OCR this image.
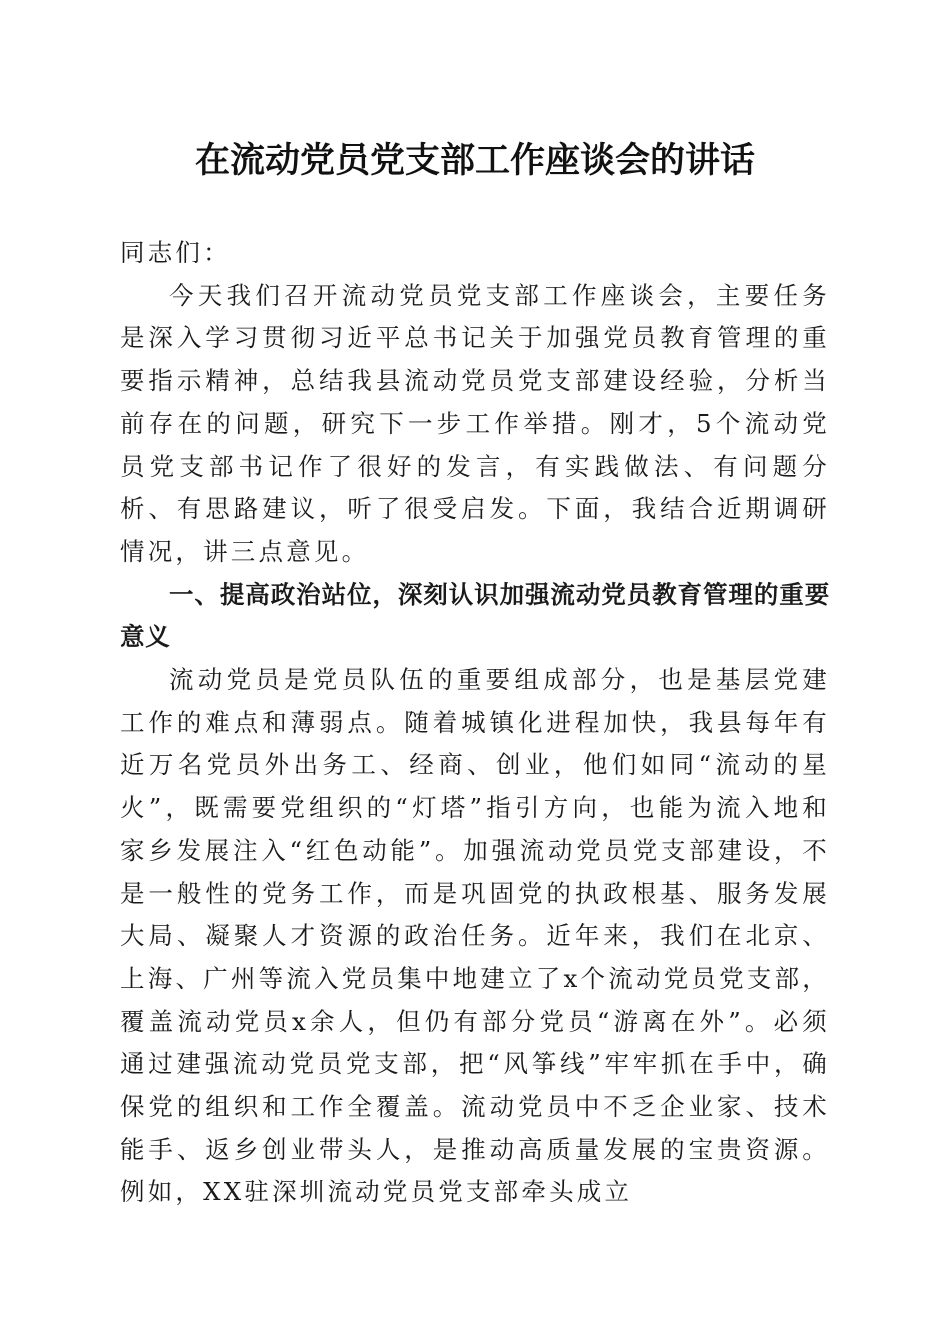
在流动党员党支部工作座谈会的讲话

同志们：

今天我们召开流动党员党支部工作座谈会，主要任务是深入学习贯彻习近平总书记关于加强党员教育管理的重要指示精神，总结我县流动党员党支部建设经验，分析当前存在的问题，研究下一步工作举措。刚才，5个流动党员党支部书记作了很好的发言，有实践做法、有问题分析、有思路建议，听了很受启发。下面，我结合近期调研情况，讲三点意见。

一、提高政治站位，深刻认识加强流动党员教育管理的重要意义

流动党员是党员队伍的重要组成部分，也是基层党建工作的难点和薄弱点。随着城镇化进程加快，我县每年有近万名党员外出务工、经商、创业，他们如同“流动的星火”，既需要党组织的“灯塔”指引方向，也能为流入地和家乡发展注入“红色动能”。加强流动党员党支部建设，不是一般性的党务工作，而是巩固党的执政根基、服务发展大局、凝聚人才资源的政治任务。近年来，我们在北京、上海、广州等流入党员集中地建立了x个流动党员党支部，覆盖流动党员x余人，但仍有部分党员“游离在外”。必须通过建强流动党员党支部，把“风筝线”牢牢抓在手中，确保党的组织和工作全覆盖。流动党员中不乏企业家、技术能手、返乡创业带头人，是推动高质量发展的宝贵资源。例如，XX驻深圳流动党员党支部牵头成立
